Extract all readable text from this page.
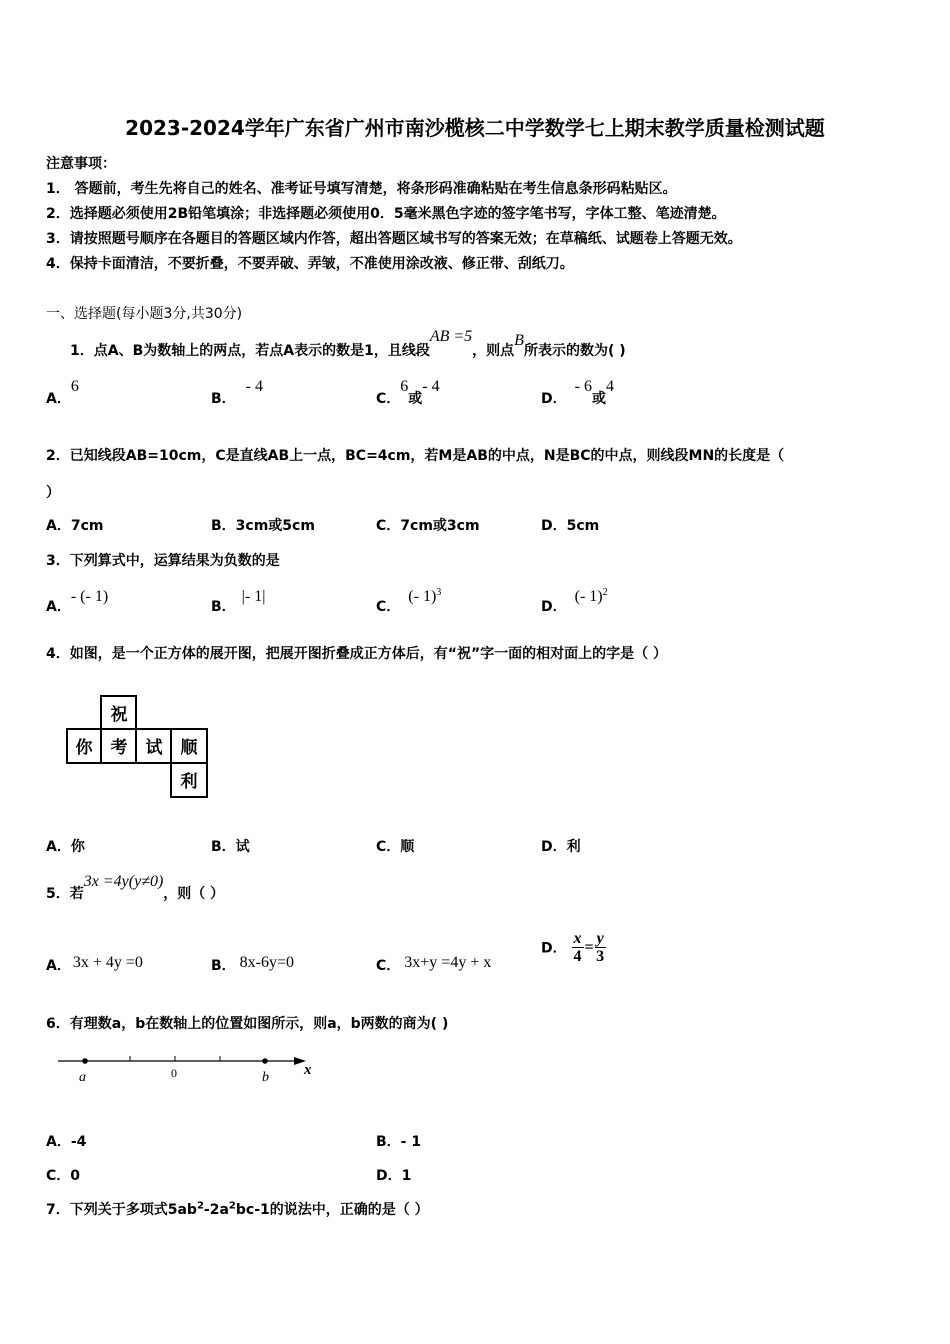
2023-2024学年广东省广州市南沙榄核二中学数学七上期末教学质量检测试题
注意事项：
1． 答题前，考生先将自己的姓名、准考证号填写清楚，将条形码准确粘贴在考生信息条形码粘贴区。
2．选择题必须使用2B铅笔填涂；非选择题必须使用0．5毫米黑色字迹的签字笔书写，字体工整、笔迹清楚。
3．请按照题号顺序在各题目的答题区域内作答，超出答题区域书写的答案无效；在草稿纸、试题卷上答题无效。
4．保持卡面清洁，不要折叠，不要弄破、弄皱，不准使用涂改液、修正带、刮纸刀。
一、选择题(每小题3分,共30分)
1．点A、B为数轴上的两点，若点A表示的数是1，且线段AB =5，则点B所表示的数为( )
A．6
B．- 4
C．6或- 4
D．- 6或4
2．已知线段AB=10cm，C是直线AB上一点，BC=4cm，若M是AB的中点，N是BC的中点，则线段MN的长度是（
）
A．7cm	B．3cm或5cm	C．7cm或3cm	D．5cm
3．下列算式中，运算结果为负数的是
A．- (- 1)
B．|- 1|
C．(- 1)$^3$
D．(- 1)$^2$
4．如图，是一个正方体的展开图，把展开图折叠成正方体后，有“祝”字一面的相对面上的字是（ ）
祝
你 考 试 顺
利
A．你	B．试	C．顺	D．利
5．若3x =4y(y≠0)，则（ ）
A． 3x + 4y =0	B． 8x-6y=0	C． 3x+y =4y + x
D． $\frac{x}{4} = \frac{y}{3}$
6．有理数a，b在数轴上的位置如图所示，则a，b两数的商为( )
a	0	b x
A．-4	B．- 1
C．0	D．1
7．下列关于多项式$5ab^2-2a^2bc-1$的说法中，正确的是（ ）
